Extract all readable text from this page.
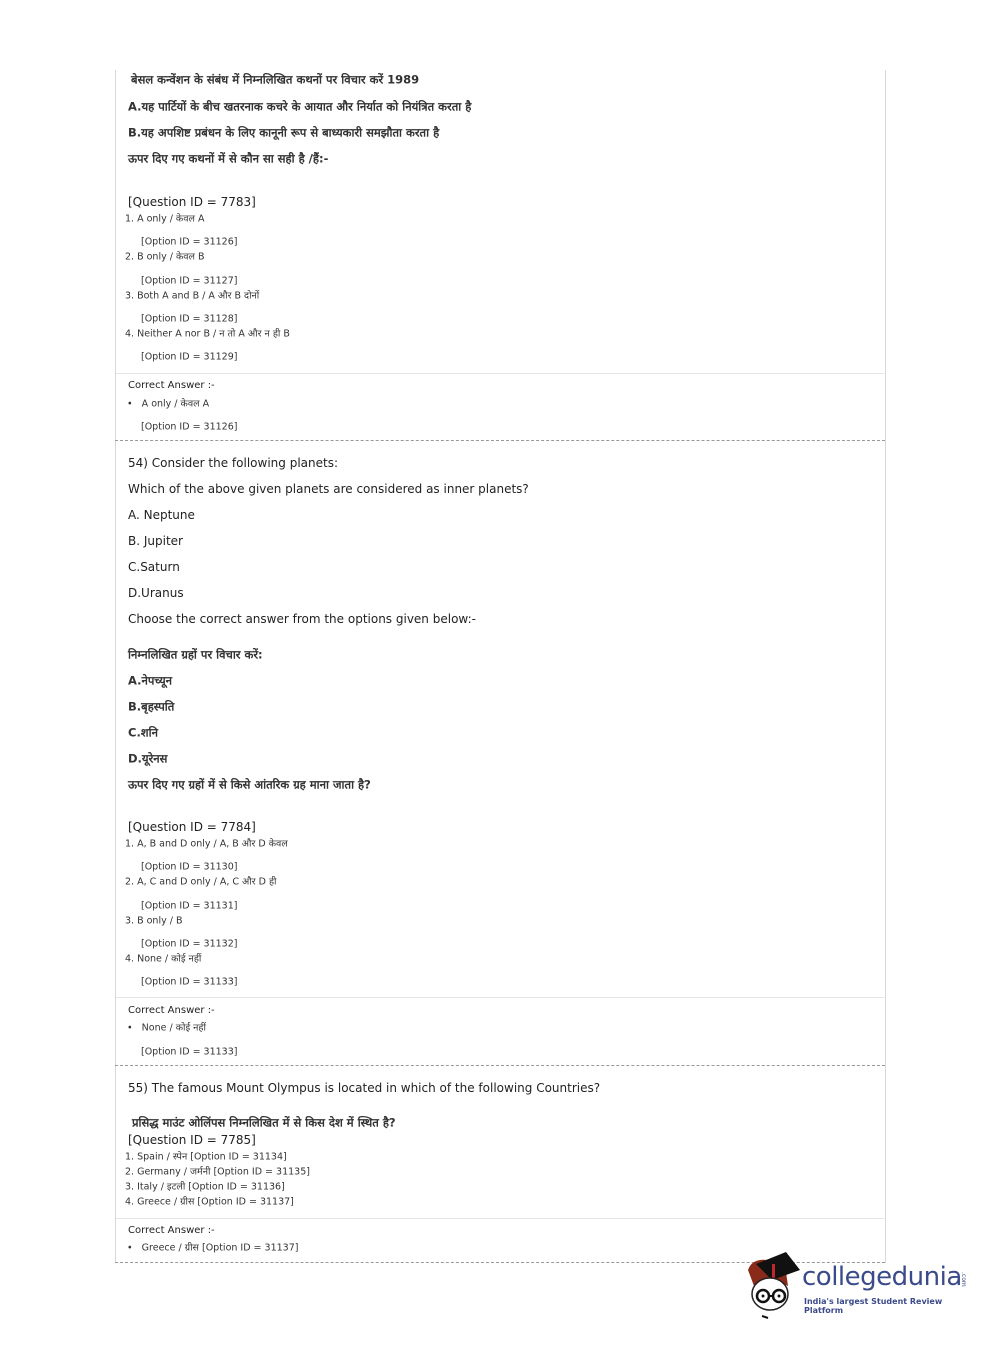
बेसल कन्वेंशन के संबंध में निम्नलिखित कथनों पर विचार करें 1989
A.यह पार्टियों के बीच खतरनाक कचरे के आयात और निर्यात को नियंत्रित करता है
B.यह अपशिष्ट प्रबंधन के लिए कानूनी रूप से बाध्यकारी समझौता करता है
ऊपर दिए गए कथनों में से कौन सा सही है /हैं:-
[Question ID = 7783]
1. A only / केवल A
[Option ID = 31126]
2. B only / केवल B
[Option ID = 31127]
3. Both A and B / A और B दोनों
[Option ID = 31128]
4. Neither A nor B / न तो A और न ही B
[Option ID = 31129]
Correct Answer :-
•   A only / केवल A
[Option ID = 31126]
54) Consider the following planets:
Which of the above given planets are considered as inner planets?
A. Neptune
B. Jupiter
C.Saturn
D.Uranus
Choose the correct answer from the options given below:-
निम्नलिखित ग्रहों पर विचार करें:
A.नेपच्यून
B.बृहस्पति
C.शनि
D.यूरेनस
ऊपर दिए गए ग्रहों में से किसे आंतरिक ग्रह माना जाता है?
[Question ID = 7784]
1. A, B and D only / A, B और D केवल
[Option ID = 31130]
2. A, C and D only / A, C और D ही
[Option ID = 31131]
3. B only / B
[Option ID = 31132]
4. None / कोई नहीं
[Option ID = 31133]
Correct Answer :-
•   None / कोई नहीं
[Option ID = 31133]
55) The famous Mount Olympus is located in which of the following Countries?
प्रसिद्ध माउंट ओलिंपस निम्नलिखित में से किस देश में स्थित है?
[Question ID = 7785]
1. Spain / स्पेन [Option ID = 31134]
2. Germany / जर्मनी [Option ID = 31135]
3. Italy / इटली [Option ID = 31136]
4. Greece / ग्रीस [Option ID = 31137]
Correct Answer :-
•   Greece / ग्रीस [Option ID = 31137]
collegedunia
.com
India's largest Student Review Platform
